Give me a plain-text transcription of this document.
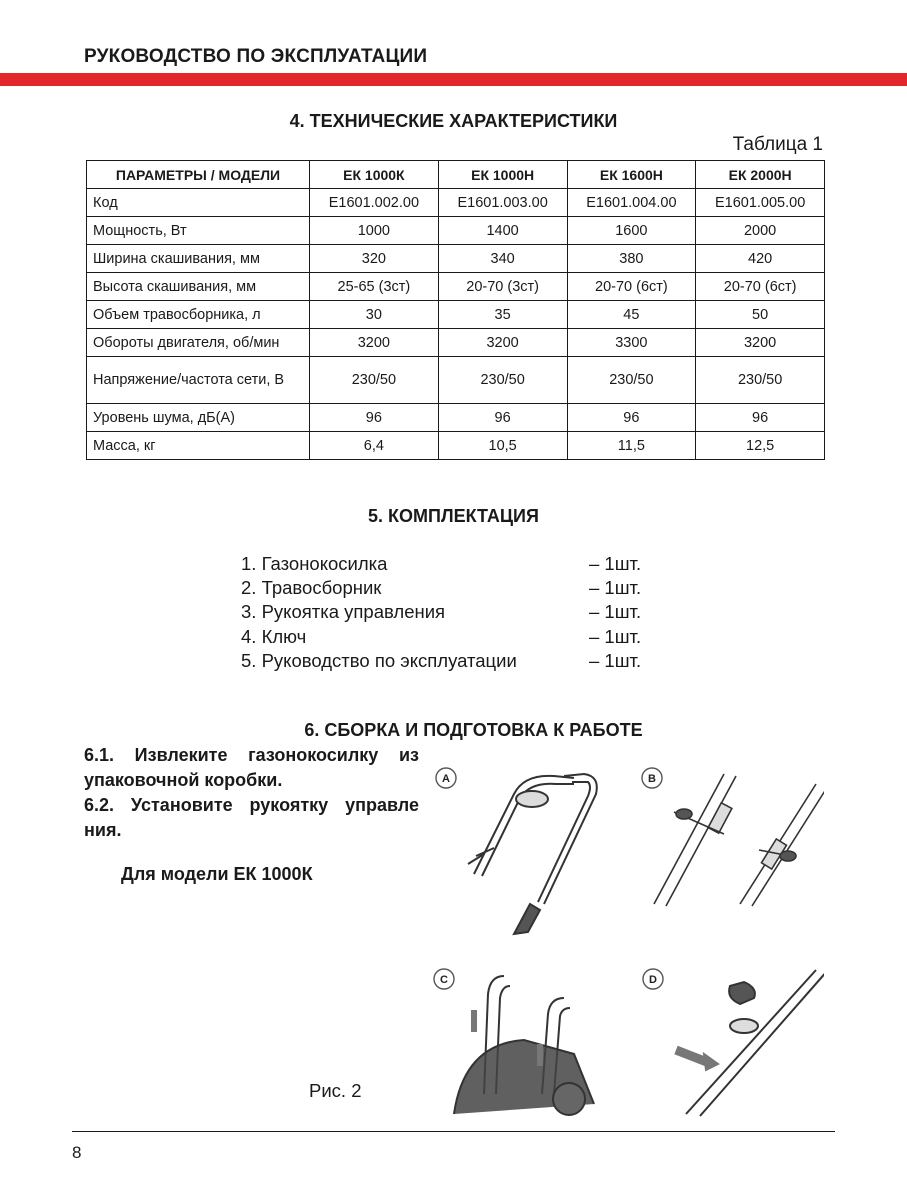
РУКОВОДСТВО ПО ЭКСПЛУАТАЦИИ
4. ТЕХНИЧЕСКИЕ ХАРАКТЕРИСТИКИ
Таблица 1
ПАРАМЕТРЫ / МОДЕЛИ	ЕК 1000К	ЕК 1000Н	ЕК 1600Н	ЕК 2000Н
Код	Е1601.002.00	Е1601.003.00	Е1601.004.00	Е1601.005.00
Мощность, Вт	1000	1400	1600	2000
Ширина скашивания, мм	320	340	380	420
Высота скашивания, мм	25-65 (3ст)	20-70 (3ст)	20-70 (6ст)	20-70 (6ст)
Объем травосборника, л	30	35	45	50
Обороты двигателя, об/мин	3200	3200	3300	3200
Напряжение/частота сети, В	230/50	230/50	230/50	230/50
Уровень шума, дБ(А)	96	96	96	96
Масса, кг	6,4	10,5	11,5	12,5
5. КОМПЛЕКТАЦИЯ
1. Газонокосилка	– 1шт.
2. Травосборник	– 1шт.
3. Рукоятка управления	– 1шт.
4. Ключ	– 1шт.
5. Руководство по эксплуатации	– 1шт.
6. СБОРКА И ПОДГОТОВКА К РАБОТЕ
6.1. Извлеките газонокосилку из упаковочной коробки.
6.2. Установите рукоятку управле ния.
Для модели ЕК 1000К
Рис. 2
A	B
C	D
8
